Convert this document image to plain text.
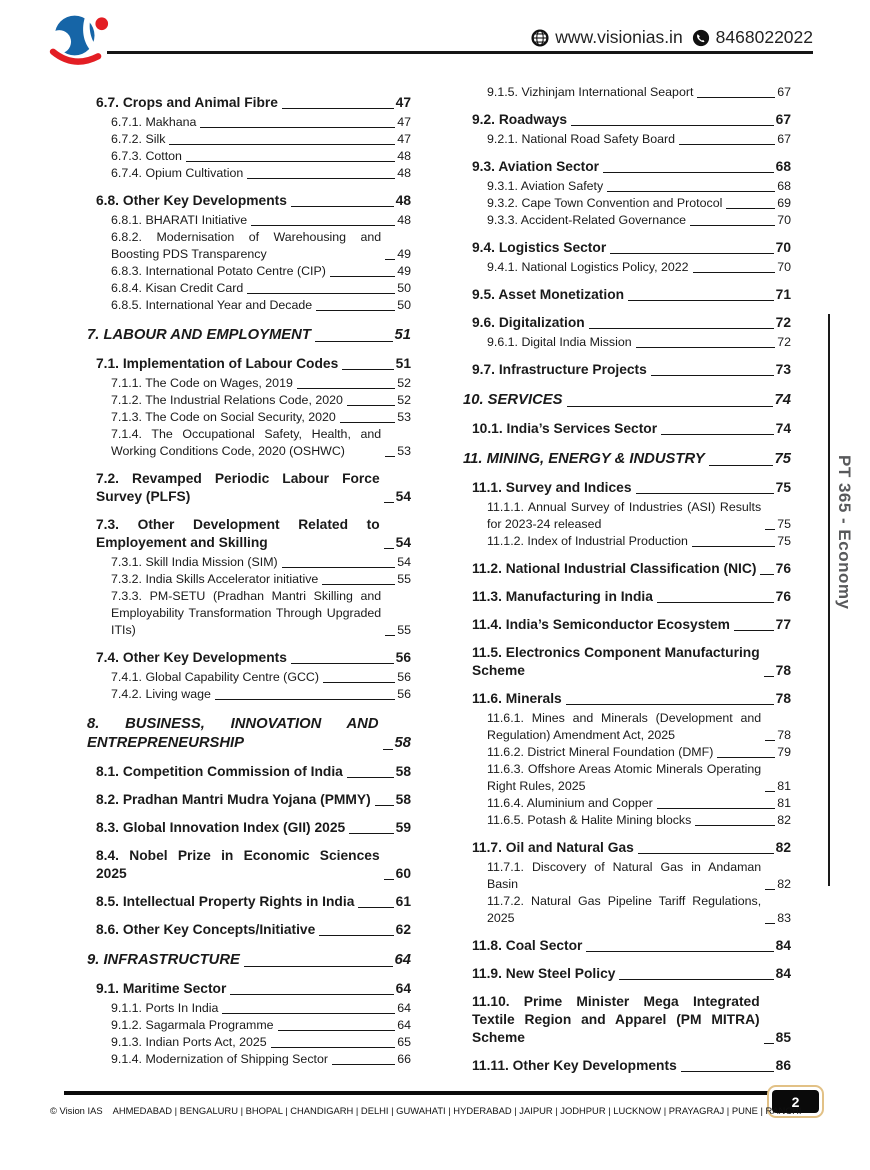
www.visionias.in 8468022022
6.7. Crops and Animal Fibre	47
6.7.1. Makhana	47
6.7.2. Silk	47
6.7.3. Cotton	48
6.7.4. Opium Cultivation	48
6.8. Other Key Developments	48
6.8.1. BHARATI Initiative	48
6.8.2. Modernisation of Warehousing and Boosting PDS Transparency	49
6.8.3. International Potato Centre (CIP)	49
6.8.4. Kisan Credit Card	50
6.8.5. International Year and Decade	50
7. LABOUR AND EMPLOYMENT	51
7.1. Implementation of Labour Codes	51
7.1.1. The Code on Wages, 2019	52
7.1.2. The Industrial Relations Code, 2020	52
7.1.3. The Code on Social Security, 2020	53
7.1.4. The Occupational Safety, Health, and Working Conditions Code, 2020 (OSHWC)	53
7.2. Revamped Periodic Labour Force Survey (PLFS)	54
7.3. Other Development Related to Employement and Skilling	54
7.3.1. Skill India Mission (SIM)	54
7.3.2. India Skills Accelerator initiative	55
7.3.3. PM-SETU (Pradhan Mantri Skilling and Employability Transformation Through Upgraded ITIs)	55
7.4. Other Key Developments	56
7.4.1. Global Capability Centre (GCC)	56
7.4.2. Living wage	56
8. BUSINESS, INNOVATION AND ENTREPRENEURSHIP	58
8.1. Competition Commission of India	58
8.2. Pradhan Mantri Mudra Yojana (PMMY) 58
8.3. Global Innovation Index (GII) 2025	59
8.4. Nobel Prize in Economic Sciences 2025	60
8.5. Intellectual Property Rights in India	61
8.6. Other Key Concepts/Initiative	62
9. INFRASTRUCTURE	64
9.1. Maritime Sector	64
9.1.1. Ports In India	64
9.1.2. Sagarmala Programme	64
9.1.3. Indian Ports Act, 2025	65
9.1.4. Modernization of Shipping Sector	66
9.1.5. Vizhinjam International Seaport	67
9.2. Roadways	67
9.2.1. National Road Safety Board	67
9.3. Aviation Sector	68
9.3.1. Aviation Safety	68
9.3.2. Cape Town Convention and Protocol	69
9.3.3. Accident-Related Governance	70
9.4. Logistics Sector	70
9.4.1. National Logistics Policy, 2022	70
9.5. Asset Monetization	71
9.6. Digitalization	72
9.6.1. Digital India Mission	72
9.7. Infrastructure Projects	73
10. SERVICES	74
10.1. India’s Services Sector	74
11. MINING, ENERGY & INDUSTRY	75
11.1. Survey and Indices	75
11.1.1. Annual Survey of Industries (ASI) Results for 2023-24 released	75
11.1.2. Index of Industrial Production	75
11.2. National Industrial Classification (NIC) 76
11.3. Manufacturing in India	76
11.4. India’s Semiconductor Ecosystem	77
11.5. Electronics Component Manufacturing Scheme	78
11.6. Minerals	78
11.6.1. Mines and Minerals (Development and Regulation) Amendment Act, 2025	78
11.6.2. District Mineral Foundation (DMF)	79
11.6.3. Offshore Areas Atomic Minerals Operating Right Rules, 2025	81
11.6.4. Aluminium and Copper	81
11.6.5. Potash & Halite Mining blocks	82
11.7. Oil and Natural Gas	82
11.7.1. Discovery of Natural Gas in Andaman Basin	82
11.7.2. Natural Gas Pipeline Tariff Regulations, 2025	83
11.8. Coal Sector	84
11.9. New Steel Policy	84
11.10. Prime Minister Mega Integrated Textile Region and Apparel (PM MITRA) Scheme	85
11.11. Other Key Developments	86
PT 365 - Economy
2
© Vision IAS AHMEDABAD | BENGALURU | BHOPAL | CHANDIGARH | DELHI | GUWAHATI | HYDERABAD | JAIPUR | JODHPUR | LUCKNOW | PRAYAGRAJ | PUNE | RANCHI
